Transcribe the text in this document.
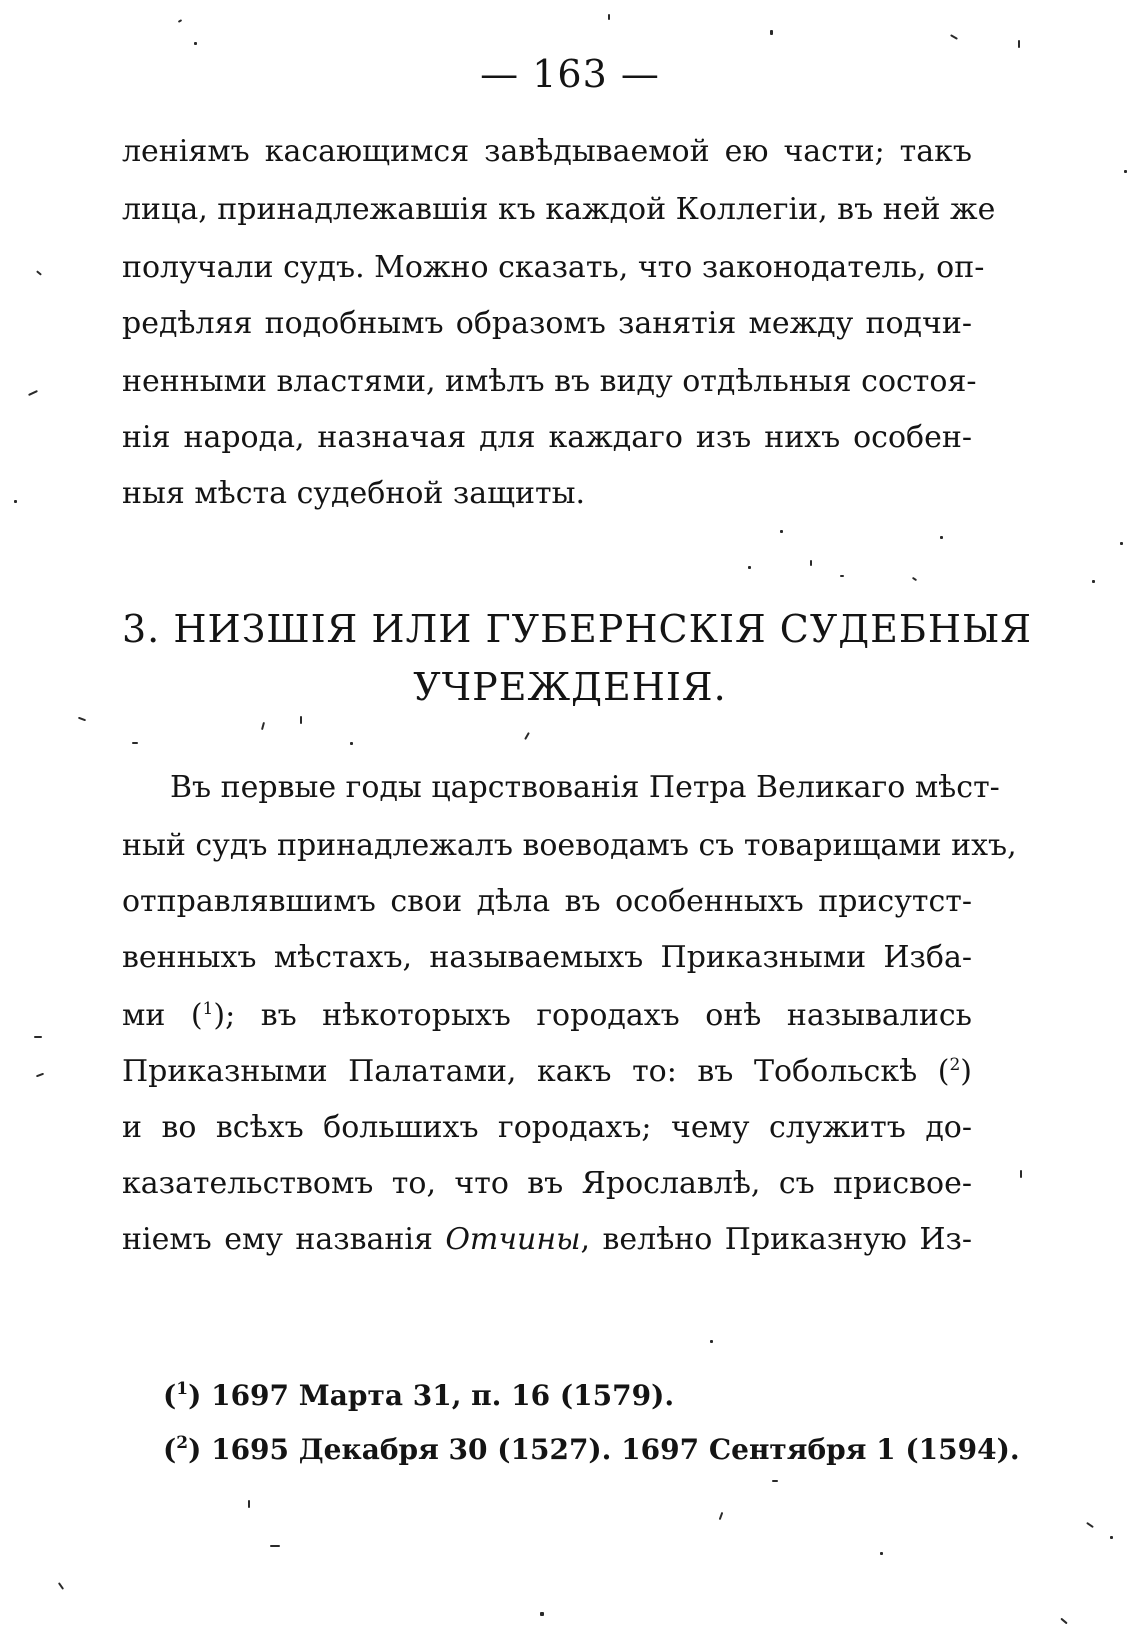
— 163 —
леніямъ касающимся завѣдываемой ею части; такъ
лица, принадлежавшія къ каждой Коллегіи, въ ней же
получали судъ. Можно сказать, что законодатель, оп-
редѣляя подобнымъ образомъ занятія между подчи-
ненными властями, имѣлъ въ виду отдѣльныя состоя-
нія народа, назначая для каждаго изъ нихъ особен-
ныя мѣста судебной защиты.
3. НИЗШІЯ ИЛИ ГУБЕРНСКІЯ СУДЕБНЫЯ
УЧРЕЖДЕНІЯ.
Въ первые годы царствованія Петра Великаго мѣст-
ный судъ принадлежалъ воеводамъ съ товарищами ихъ,
отправлявшимъ свои дѣла въ особенныхъ присутст-
венныхъ мѣстахъ, называемыхъ Приказными Изба-
ми ($^1$); въ нѣкоторыхъ городахъ онѣ назывались
Приказными Палатами, какъ то: въ Тобольскѣ ($^2$)
и во всѣхъ большихъ городахъ; чему служитъ до-
казательствомъ то, что въ Ярославлѣ, съ присвое-
ніемъ ему названія Отчины, велѣно Приказную Из-
($^1$) 1697 Марта 31, п. 16 (1579).
($^2$) 1695 Декабря 30 (1527). 1697 Сентября 1 (1594).
